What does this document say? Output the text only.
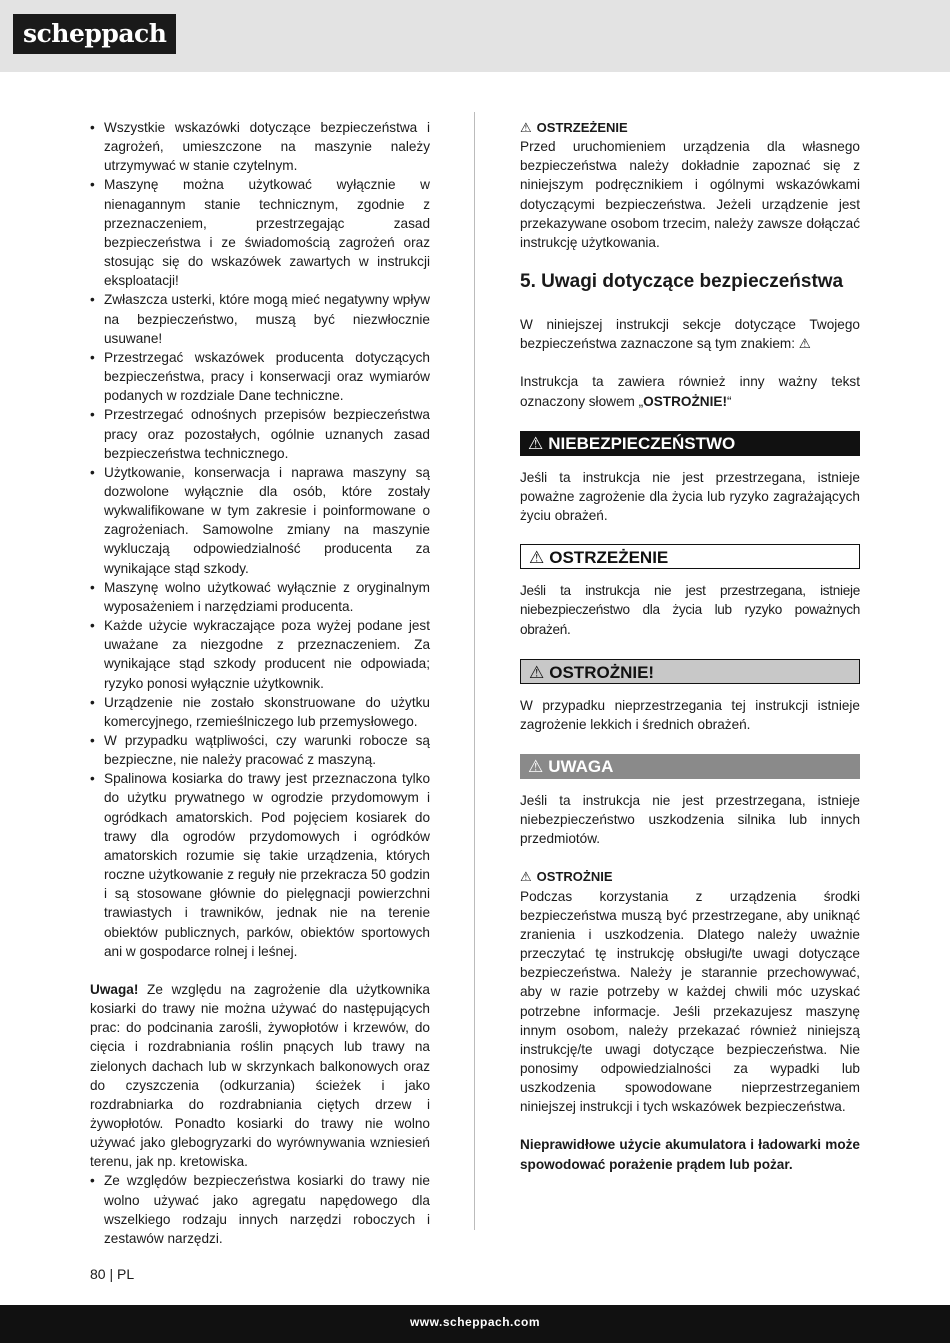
scheppach
• Wszystkie wskazówki dotyczące bezpieczeństwa i zagrożeń, umieszczone na maszynie należy utrzymywać w stanie czytelnym.
• Maszynę można użytkować wyłącznie w nienagannym stanie technicznym, zgodnie z przeznaczeniem, przestrzegając zasad bezpieczeństwa i ze świadomością zagrożeń oraz stosując się do wskazówek zawartych w instrukcji eksploatacji!
• Zwłaszcza usterki, które mogą mieć negatywny wpływ na bezpieczeństwo, muszą być niezwłocznie usuwane!
• Przestrzegać wskazówek producenta dotyczących bezpieczeństwa, pracy i konserwacji oraz wymiarów podanych w rozdziale Dane techniczne.
• Przestrzegać odnośnych przepisów bezpieczeństwa pracy oraz pozostałych, ogólnie uznanych zasad bezpieczeństwa technicznego.
• Użytkowanie, konserwacja i naprawa maszyny są dozwolone wyłącznie dla osób, które zostały wykwalifikowane w tym zakresie i poinformowane o zagrożeniach. Samowolne zmiany na maszynie wykluczają odpowiedzialność producenta za wynikające stąd szkody.
• Maszynę wolno użytkować wyłącznie z oryginalnym wyposażeniem i narzędziami producenta.
• Każde użycie wykraczające poza wyżej podane jest uważane za niezgodne z przeznaczeniem. Za wynikające stąd szkody producent nie odpowiada; ryzyko ponosi wyłącznie użytkownik.
• Urządzenie nie zostało skonstruowane do użytku komercyjnego, rzemieślniczego lub przemysłowego.
• W przypadku wątpliwości, czy warunki robocze są bezpieczne, nie należy pracować z maszyną.
• Spalinowa kosiarka do trawy jest przeznaczona tylko do użytku prywatnego w ogrodzie przydomowym i ogródkach amatorskich. Pod pojęciem kosiarek do trawy dla ogrodów przydomowych i ogródków amatorskich rozumie się takie urządzenia, których roczne użytkowanie z reguły nie przekracza 50 godzin i są stosowane głównie do pielęgnacji powierzchni trawiastych i trawników, jednak nie na terenie obiektów publicznych, parków, obiektów sportowych ani w gospodarce rolnej i leśnej.

Uwaga! Ze względu na zagrożenie dla użytkownika kosiarki do trawy nie można używać do następujących prac: do podcinania zarośli, żywopłotów i krzewów, do cięcia i rozdrabniania roślin pnących lub trawy na zielonych dachach lub w skrzynkach balkonowych oraz do czyszczenia (odkurzania) ścieżek i jako rozdrabniarka do rozdrabniania ciętych drzew i żywopłotów. Ponadto kosiarki do trawy nie wolno używać jako glebogryzarki do wyrównywania wzniesień terenu, jak np. kretowiska.

• Ze względów bezpieczeństwa kosiarki do trawy nie wolno używać jako agregatu napędowego dla wszelkiego rodzaju innych narzędzi roboczych i zestawów narzędzi.
⚠ OSTRZEŻENIE

Przed uruchomieniem urządzenia dla własnego bezpieczeństwa należy dokładnie zapoznać się z niniejszym podręcznikiem i ogólnymi wskazówkami dotyczącymi bezpieczeństwa. Jeżeli urządzenie jest przekazywane osobom trzecim, należy zawsze dołączać instrukcję użytkowania.

5. Uwagi dotyczące bezpieczeństwa

W niniejszej instrukcji sekcje dotyczące Twojego bezpieczeństwa zaznaczone są tym znakiem: ⚠

Instrukcja ta zawiera również inny ważny tekst oznaczony słowem „OSTROŻNIE!“

⚠ NIEBEZPIECZEŃSTWO

Jeśli ta instrukcja nie jest przestrzegana, istnieje poważne zagrożenie dla życia lub ryzyko zagrażających życiu obrażeń.

⚠ OSTRZEŻENIE

Jeśli ta instrukcja nie jest przestrzegana, istnieje niebezpieczeństwo dla życia lub ryzyko poważnych obrażeń.

⚠ OSTROŻNIE!

W przypadku nieprzestrzegania tej instrukcji istnieje zagrożenie lekkich i średnich obrażeń.

⚠ UWAGA

Jeśli ta instrukcja nie jest przestrzegana, istnieje niebezpieczeństwo uszkodzenia silnika lub innych przedmiotów.

⚠ OSTROŻNIE

Podczas korzystania z urządzenia środki bezpieczeństwa muszą być przestrzegane, aby uniknąć zranienia i uszkodzenia. Dlatego należy uważnie przeczytać tę instrukcję obsługi/te uwagi dotyczące bezpieczeństwa. Należy je starannie przechowywać, aby w razie potrzeby w każdej chwili móc uzyskać potrzebne informacje. Jeśli przekazujesz maszynę innym osobom, należy przekazać również niniejszą instrukcję/te uwagi dotyczące bezpieczeństwa. Nie ponosimy odpowiedzialności za wypadki lub uszkodzenia spowodowane nieprzestrzeganiem niniejszej instrukcji i tych wskazówek bezpieczeństwa.

Nieprawidłowe użycie akumulatora i ładowarki może spowodować porażenie prądem lub pożar.

80 | PL
www.scheppach.com
